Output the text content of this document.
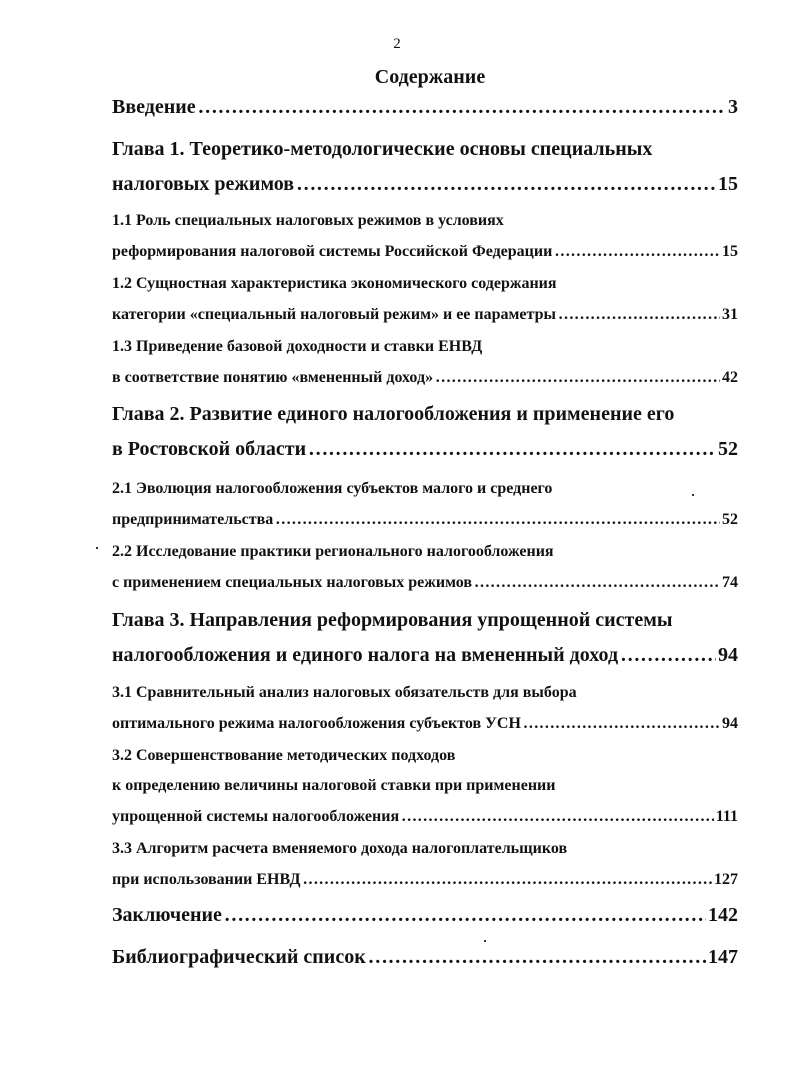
2
Содержание
Введение ………………………………………………………………………………………………………………………………………………………………………	3
Глава 1. Теоретико-методологические основы специальных
налоговых режимов ………………………………………………………………………………………………………………………………………………………………………	15
1.1 Роль специальных налоговых режимов в условиях
реформирования налоговой системы Российской Федерации ………………………………………………………………………………………………………………………………………………………………………	15
1.2 Сущностная характеристика экономического содержания
категории «специальный налоговый режим» и ее параметры ………………………………………………………………………………………………………………………………………………………………………	31
1.3 Приведение базовой доходности и ставки ЕНВД
в соответствие понятию «вмененный доход» ………………………………………………………………………………………………………………………………………………………………………	42
Глава 2. Развитие единого налогообложения и применение его
в Ростовской области ………………………………………………………………………………………………………………………………………………………………………	52
2.1 Эволюция налогообложения субъектов малого и среднего
предпринимательства ………………………………………………………………………………………………………………………………………………………………………	52
2.2 Исследование практики регионального налогообложения
с применением специальных налоговых режимов ………………………………………………………………………………………………………………………………………………………………………	74
Глава 3. Направления реформирования упрощенной системы
налогообложения и единого налога на вмененный доход ………………………………………………………………………………………………………………………………………………………………………	94
3.1 Сравнительный анализ налоговых обязательств для выбора
оптимального режима налогообложения субъектов УСН ………………………………………………………………………………………………………………………………………………………………………	94
3.2 Совершенствование методических подходов
к определению величины налоговой ставки при применении
упрощенной системы налогообложения ………………………………………………………………………………………………………………………………………………………………………	111
3.3 Алгоритм расчета вменяемого дохода налогоплательщиков
при использовании ЕНВД ………………………………………………………………………………………………………………………………………………………………………	127
Заключение ………………………………………………………………………………………………………………………………………………………………………	142
Библиографический список ………………………………………………………………………………………………………………………………………………………………………	147
